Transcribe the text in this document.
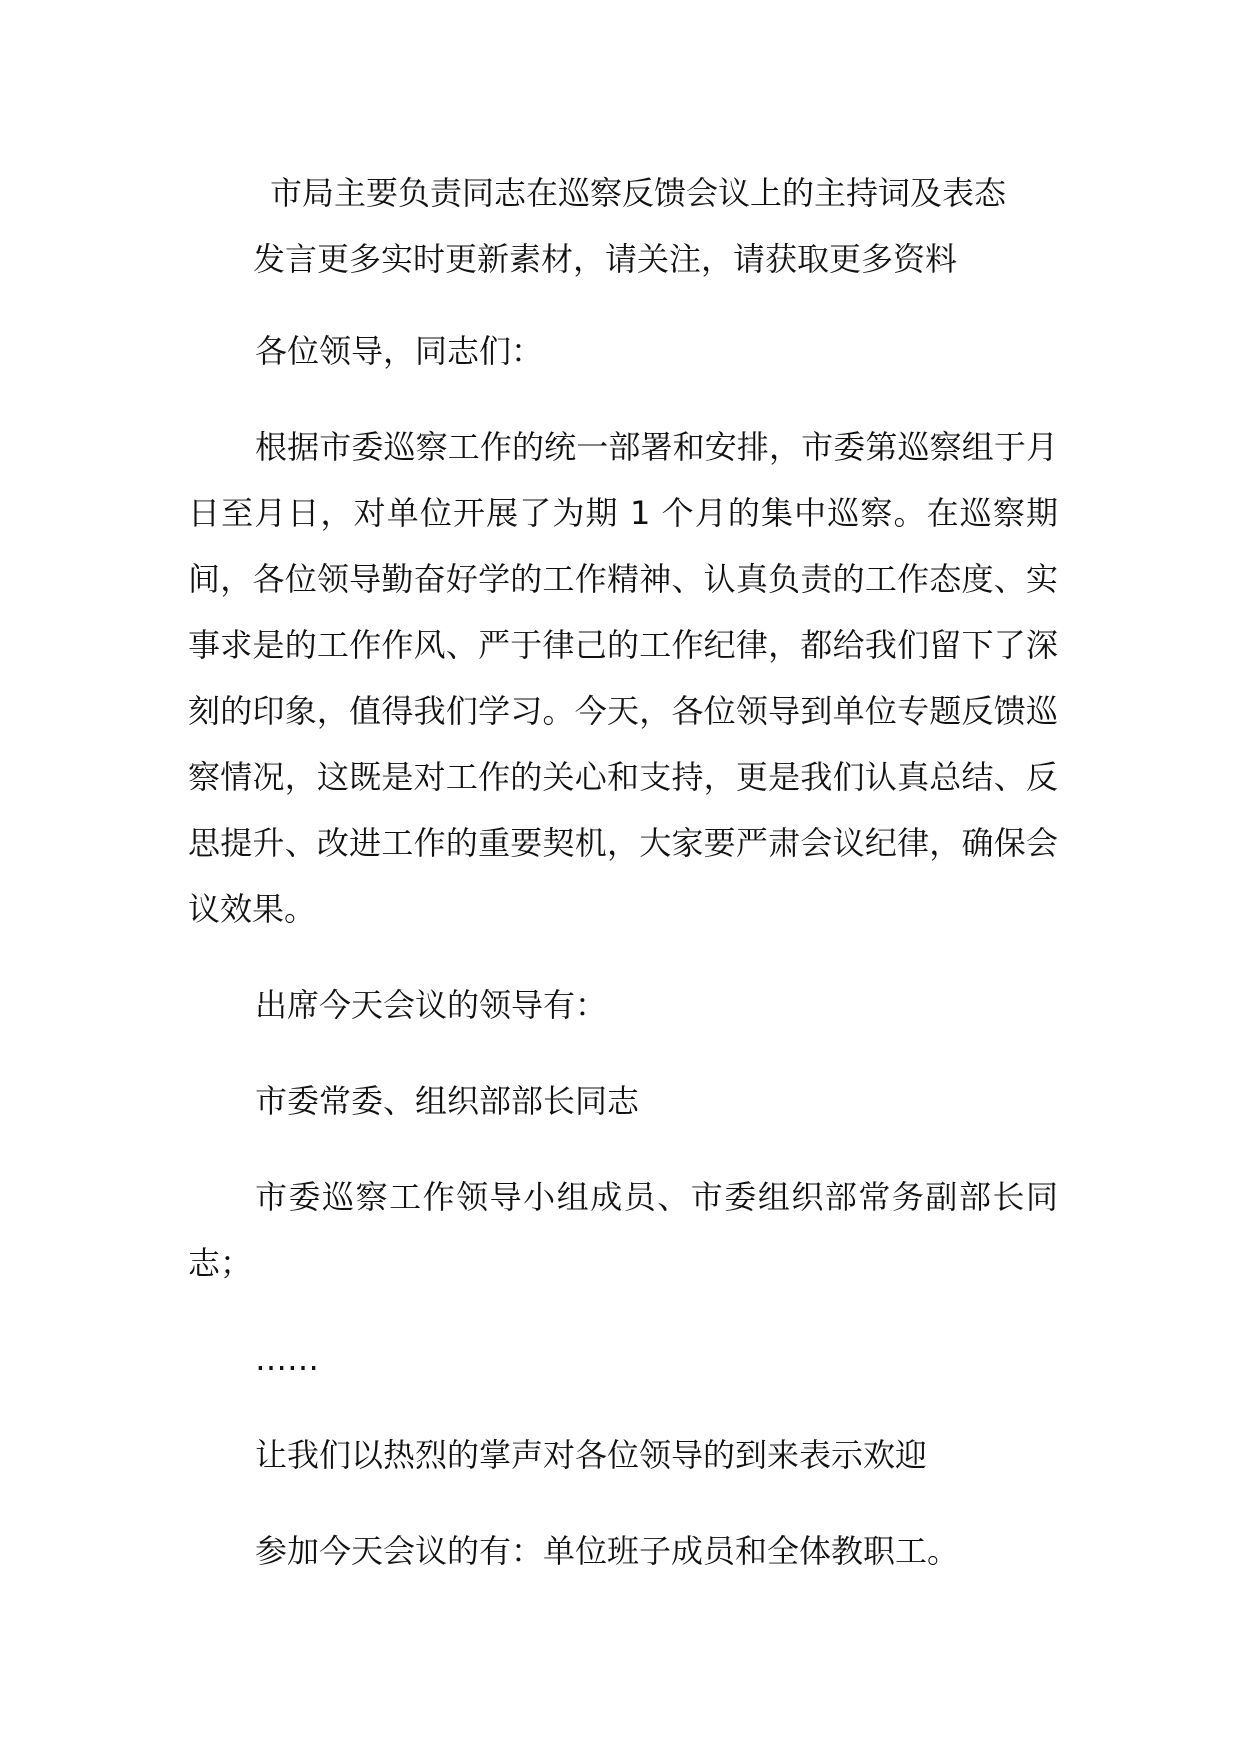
市局主要负责同志在巡察反馈会议上的主持词及表态
发言更多实时更新素材，请关注，请获取更多资料

各位领导，同志们：

根据市委巡察工作的统一部署和安排，市委第巡察组于月日至月日，对单位开展了为期 1 个月的集中巡察。在巡察期间，各位领导勤奋好学的工作精神、认真负责的工作态度、实事求是的工作作风、严于律己的工作纪律，都给我们留下了深刻的印象，值得我们学习。今天，各位领导到单位专题反馈巡察情况，这既是对工作的关心和支持，更是我们认真总结、反思提升、改进工作的重要契机，大家要严肃会议纪律，确保会议效果。

出席今天会议的领导有：

市委常委、组织部部长同志

市委巡察工作领导小组成员、市委组织部常务副部长同志；

……

让我们以热烈的掌声对各位领导的到来表示欢迎

参加今天会议的有：单位班子成员和全体教职工。
